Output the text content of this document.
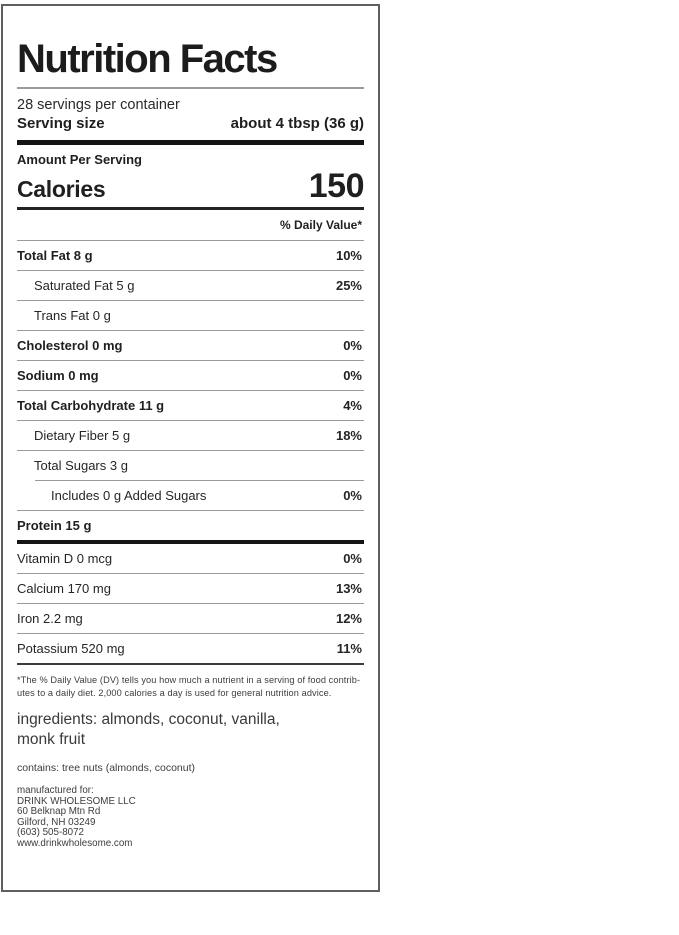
Nutrition Facts
28 servings per container
Serving size	about 4 tbsp (36 g)
Amount Per Serving
Calories	150
% Daily Value*
Total Fat 8 g	10%
Saturated Fat 5 g	25%
Trans Fat 0 g
Cholesterol 0 mg	0%
Sodium 0 mg	0%
Total Carbohydrate 11 g	4%
Dietary Fiber 5 g	18%
Total Sugars 3 g
Includes 0 g Added Sugars	0%
Protein 15 g
Vitamin D 0 mcg	0%
Calcium 170 mg	13%
Iron 2.2 mg	12%
Potassium 520 mg	11%
*The % Daily Value (DV) tells you how much a nutrient in a serving of food contrib-
utes to a daily diet. 2,000 calories a day is used for general nutrition advice.
ingredients: almonds, coconut, vanilla,
monk fruit
contains: tree nuts (almonds, coconut)
manufactured for:
DRINK WHOLESOME LLC
60 Belknap Mtn Rd
Gilford, NH 03249
(603) 505-8072
www.drinkwholesome.com
